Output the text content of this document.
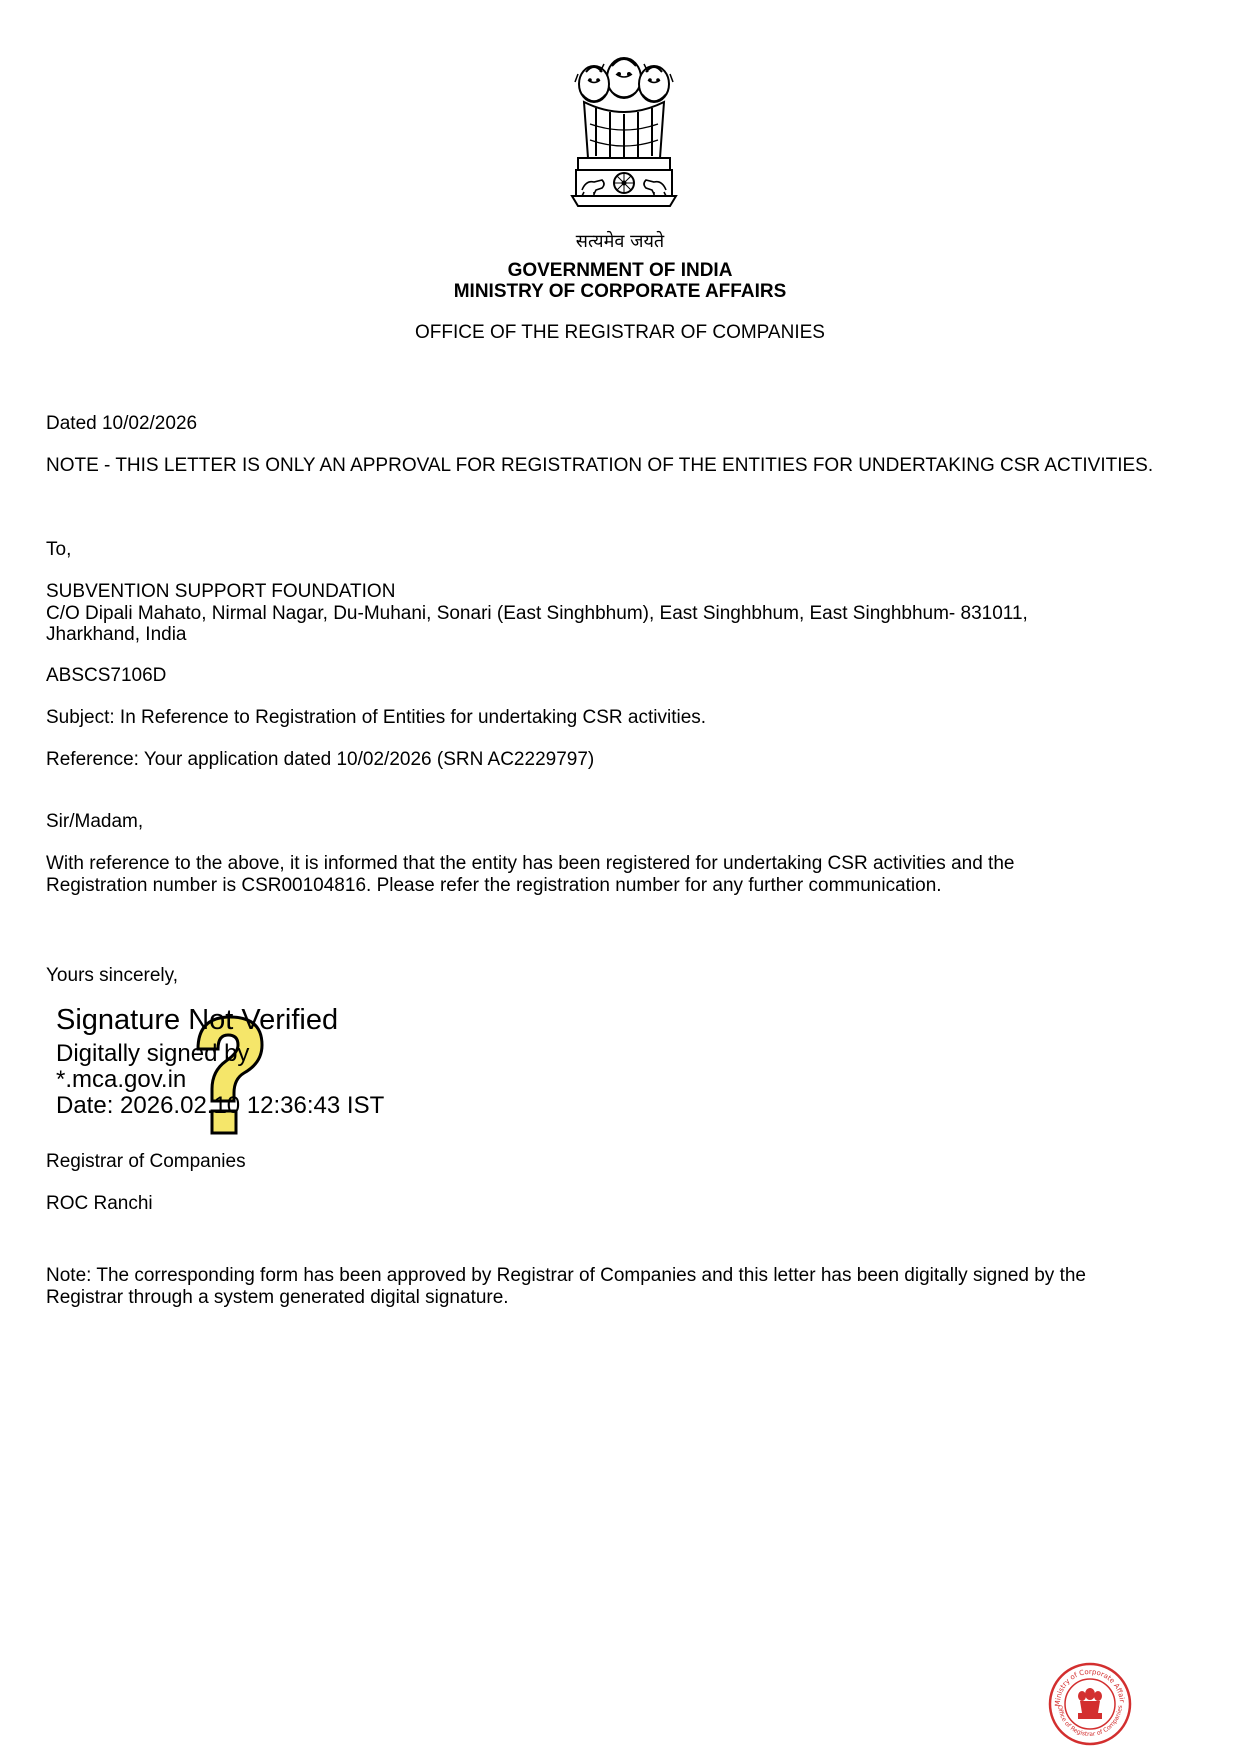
सत्यमेव जयते
GOVERNMENT OF INDIA
MINISTRY OF CORPORATE AFFAIRS
OFFICE OF THE REGISTRAR OF COMPANIES
Dated 10/02/2026
NOTE - THIS LETTER IS ONLY AN APPROVAL FOR REGISTRATION OF THE ENTITIES FOR UNDERTAKING CSR ACTIVITIES.
To,
SUBVENTION SUPPORT FOUNDATION
C/O Dipali Mahato, Nirmal Nagar, Du-Muhani, Sonari (East Singhbhum), East Singhbhum, East Singhbhum- 831011,
Jharkhand, India
ABSCS7106D
Subject: In Reference to Registration of Entities for undertaking CSR activities.
Reference: Your application dated 10/02/2026 (SRN AC2229797)
Sir/Madam,
With reference to the above, it is informed that the entity has been registered for undertaking CSR activities and the
Registration number is CSR00104816. Please refer the registration number for any further communication.
Yours sincerely,
Signature Not Verified
Digitally signed by
*.mca.gov.in
Date: 2026.02.10 12:36:43 IST
Registrar of Companies
ROC Ranchi
Note: The corresponding form has been approved by Registrar of Companies and this letter has been digitally signed by the
Registrar through a system generated digital signature.
Ministry of Corporate Affairs
Office of Registrar of Companies
